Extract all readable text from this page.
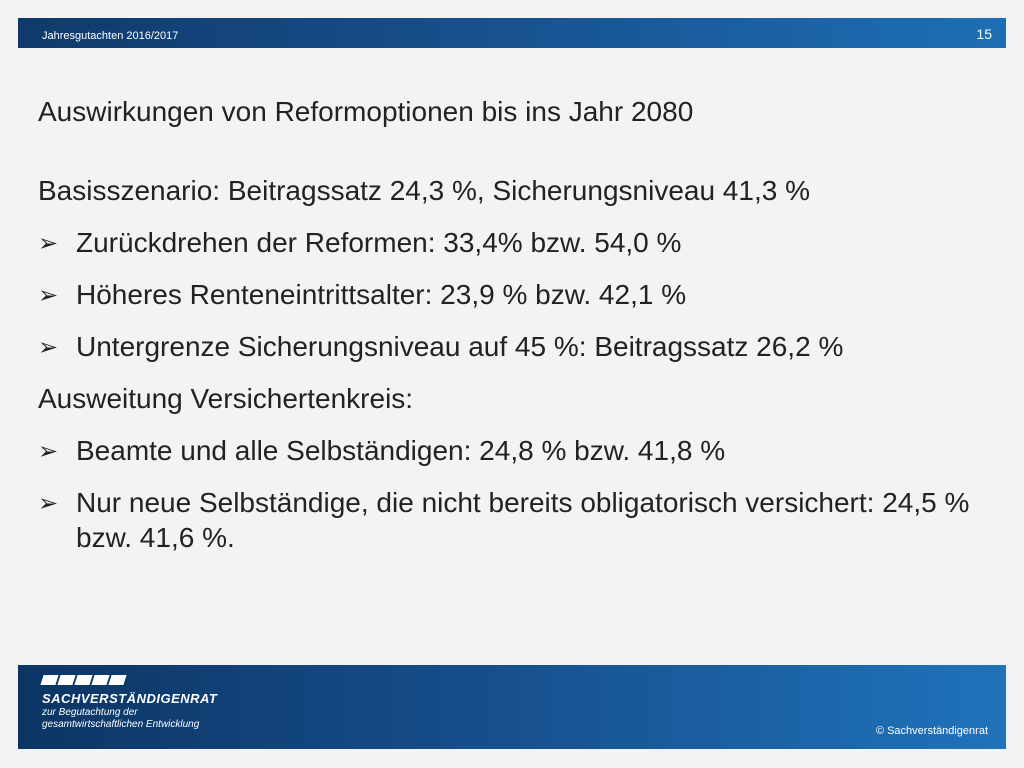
Jahresgutachten 2016/2017	15
Auswirkungen von Reformoptionen bis ins Jahr 2080
Basisszenario: Beitragssatz 24,3 %, Sicherungsniveau 41,3 %
➢ Zurückdrehen der Reformen: 33,4% bzw. 54,0 %
➢ Höheres Renteneintrittsalter: 23,9 % bzw. 42,1 %
➢ Untergrenze Sicherungsniveau auf 45 %: Beitragssatz 26,2 %
Ausweitung Versichertenkreis:
➢ Beamte und alle Selbständigen: 24,8 % bzw. 41,8 %
➢ Nur neue Selbständige, die nicht bereits obligatorisch versichert: 24,5 % bzw. 41,6 %.
SACHVERSTÄNDIGENRAT
zur Begutachtung der
gesamtwirtschaftlichen Entwicklung
© Sachverständigenrat
